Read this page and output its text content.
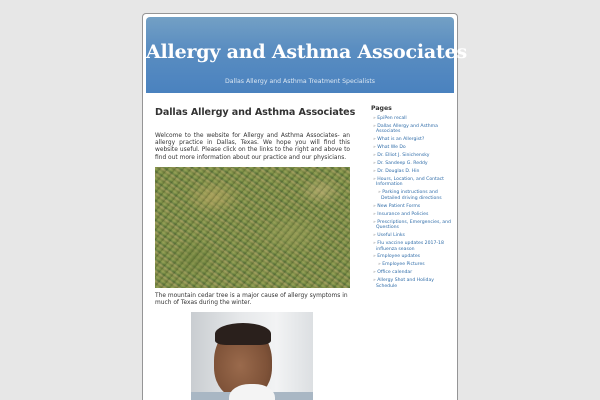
Allergy and Asthma Associates
Dallas Allergy and Asthma Treatment Specialists
Dallas Allergy and Asthma Associates

Welcome to the website for Allergy and Asthma Associates- an allergy practice in Dallas, Texas. We hope you will find this website useful. Please click on the links to the right and above to find out more information about our practice and our physicians.

The mountain cedar tree is a major cause of allergy symptoms in much of Texas during the winter.

Pages
» EpiPen recall
» Dallas Allergy and Asthma Associates
» What is an Allergist?
» What We Do
» Dr. Elliot J. Sinichensky
» Dr. Sandeep G. Reddy
» Dr. Douglas D. Hin
» Hours, Location, and Contact Information
» Parking instructions and Detailed driving directions
» New Patient Forms
» Insurance and Policies
» Prescriptions, Emergencies, and Questions
» Useful Links
» Flu vaccine updates 2017-18 influenza season
» Employee updates
» Employee Pictures
» Office calendar
» Allergy Shot and Holiday Schedule
